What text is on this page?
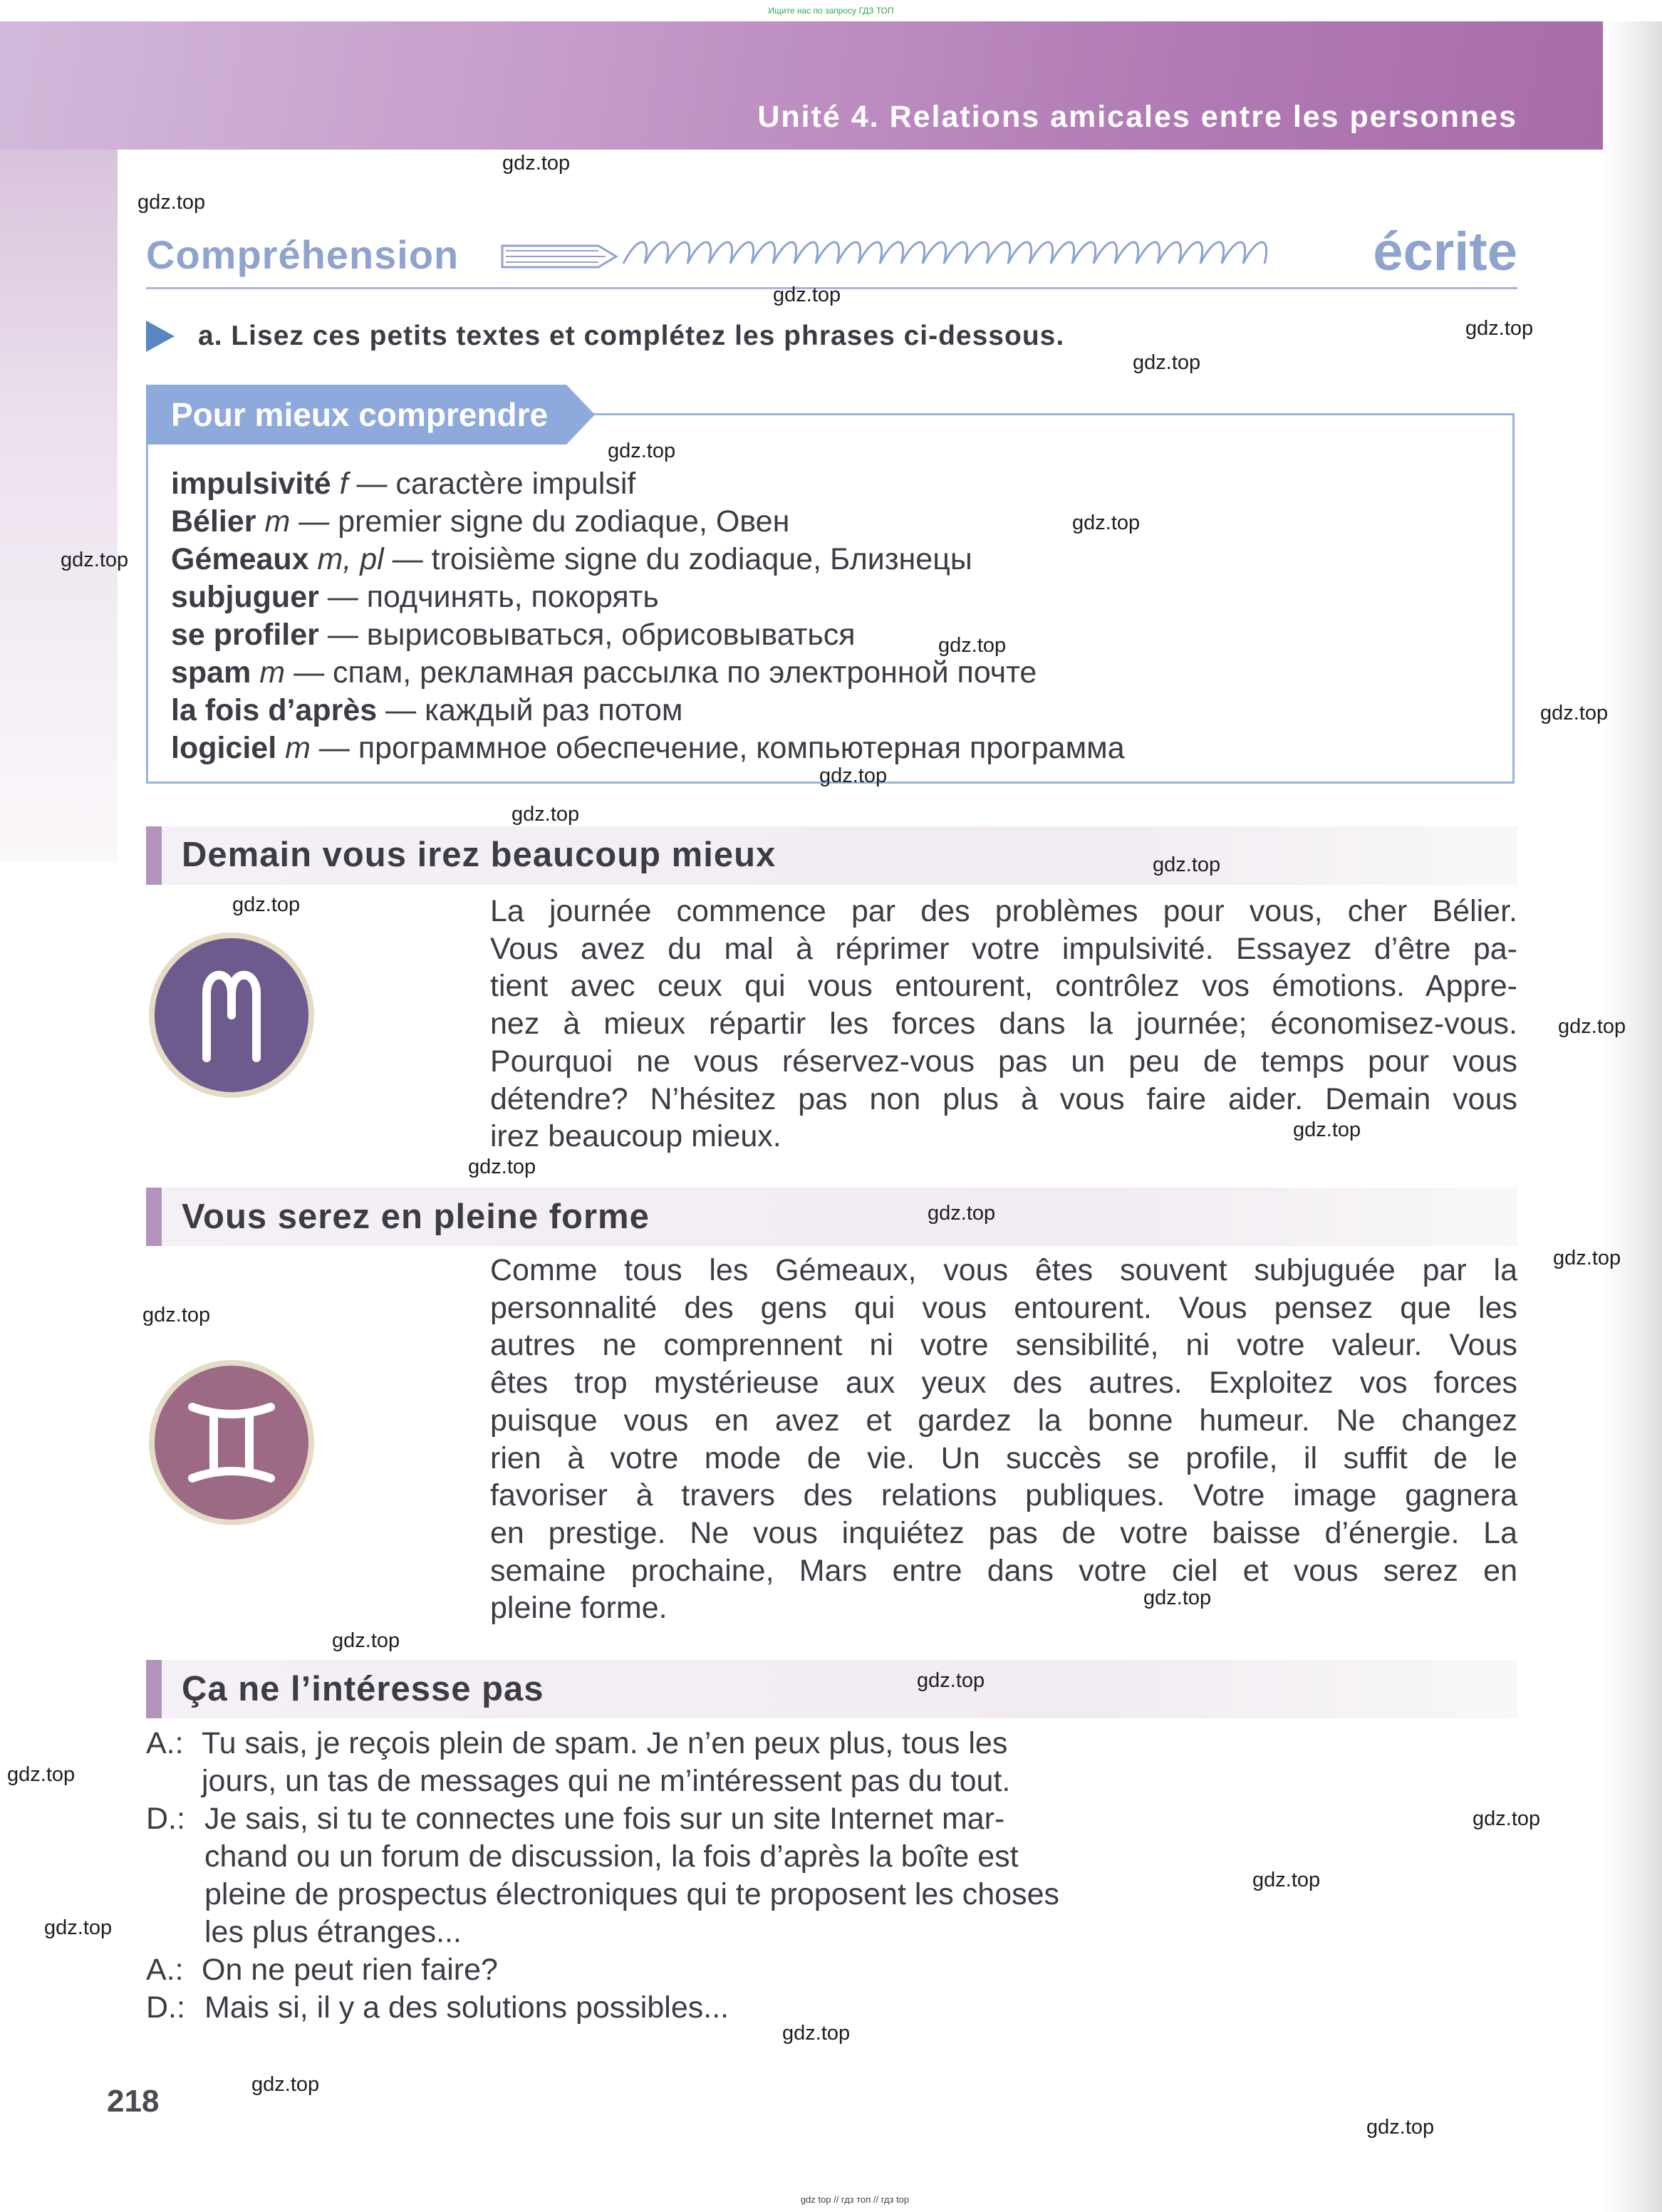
Ищите нас по запросу ГДЗ ТОП
Unité 4. Relations amicales entre les personnes
Compréhension	écrite
a. Lisez ces petits textes et complétez les phrases ci-dessous.
Pour mieux comprendre
impulsivité f — caractère impulsif
Bélier m — premier signe du zodiaque, Овен
Gémeaux m, pl — troisième signe du zodiaque, Близнецы
subjuguer — подчинять, покорять
se profiler — вырисовываться, обрисовываться
spam m — спам, рекламная рассылка по электронной почте
la fois d’après — каждый раз потом
logiciel m — программное обеспечение, компьютерная программа
Demain vous irez beaucoup mieux
La journée commence par des problèmes pour vous, cher Bélier.
Vous avez du mal à réprimer votre impulsivité. Essayez d’être pa-
tient avec ceux qui vous entourent, contrôlez vos émotions. Appre-
nez à mieux répartir les forces dans la journée; économisez-vous.
Pourquoi ne vous réservez-vous pas un peu de temps pour vous
détendre? N’hésitez pas non plus à vous faire aider. Demain vous
irez beaucoup mieux.
Vous serez en pleine forme
Comme tous les Gémeaux, vous êtes souvent subjuguée par la
personnalité des gens qui vous entourent. Vous pensez que les
autres ne comprennent ni votre sensibilité, ni votre valeur. Vous
êtes trop mystérieuse aux yeux des autres. Exploitez vos forces
puisque vous en avez et gardez la bonne humeur. Ne changez
rien à votre mode de vie. Un succès se profile, il suffit de le
favoriser à travers des relations publiques. Votre image gagnera
en prestige. Ne vous inquiétez pas de votre baisse d’énergie. La
semaine prochaine, Mars entre dans votre ciel et vous serez en
pleine forme.
Ça ne l’intéresse pas
A.: Tu sais, je reçois plein de spam. Je n’en peux plus, tous les
jours, un tas de messages qui ne m’intéressent pas du tout.
D.: Je sais, si tu te connectes une fois sur un site Internet mar-
chand ou un forum de discussion, la fois d’après la boîte est
pleine de prospectus électroniques qui te proposent les choses
les plus étranges...
A.: On ne peut rien faire?
D.: Mais si, il y a des solutions possibles...
218
gdz top // гдз топ // гдз top
gdz.top
gdz.top
gdz.top
gdz.top
gdz.top
gdz.top
gdz.top
gdz.top
gdz.top
gdz.top
gdz.top
gdz.top
gdz.top
gdz.top
gdz.top
gdz.top
gdz.top
gdz.top
gdz.top
gdz.top
gdz.top
gdz.top
gdz.top
gdz.top
gdz.top
gdz.top
gdz.top
gdz.top
gdz.top
gdz.top
